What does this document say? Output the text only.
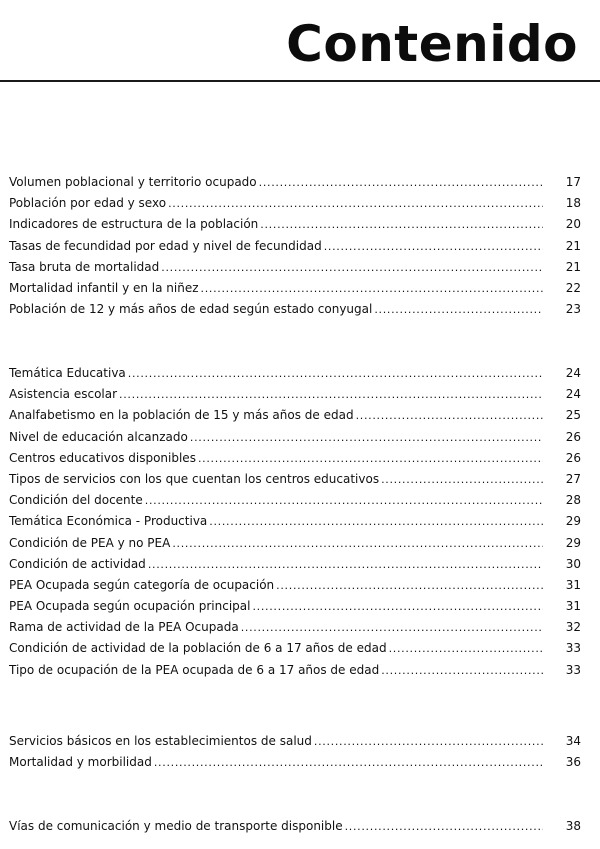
Contenido
Volumen poblacional y territorio ocupado . . .	17
Población por edad y sexo . . .	18
Indicadores de estructura de la población . . .	20
Tasas de fecundidad por edad y nivel de fecundidad . . .	21
Tasa bruta de mortalidad . . .	21
Mortalidad infantil y en la niñez . . .	22
Población de 12 y más años de edad según estado conyugal . . .	23
Temática Educativa . . .	24
Asistencia escolar . . .	24
Analfabetismo en la población de 15 y más años de edad . . .	25
Nivel de educación alcanzado . . .	26
Centros educativos disponibles . . .	26
Tipos de servicios con los que cuentan los centros educativos . . .	27
Condición del docente . . .	28
Temática Económica - Productiva . . .	29
Condición de PEA y no PEA . . .	29
Condición de actividad . . .	30
PEA Ocupada según categoría de ocupación . . .	31
PEA Ocupada según ocupación principal . . .	31
Rama de actividad de la PEA Ocupada . . .	32
Condición de actividad de la población de 6 a 17 años de edad . . .	33
Tipo de ocupación de la PEA ocupada de 6 a 17 años de edad . . .	33
Servicios básicos en los establecimientos de salud . . .	34
Mortalidad y morbilidad . . .	36
Vías de comunicación y medio de transporte disponible . . .	38
